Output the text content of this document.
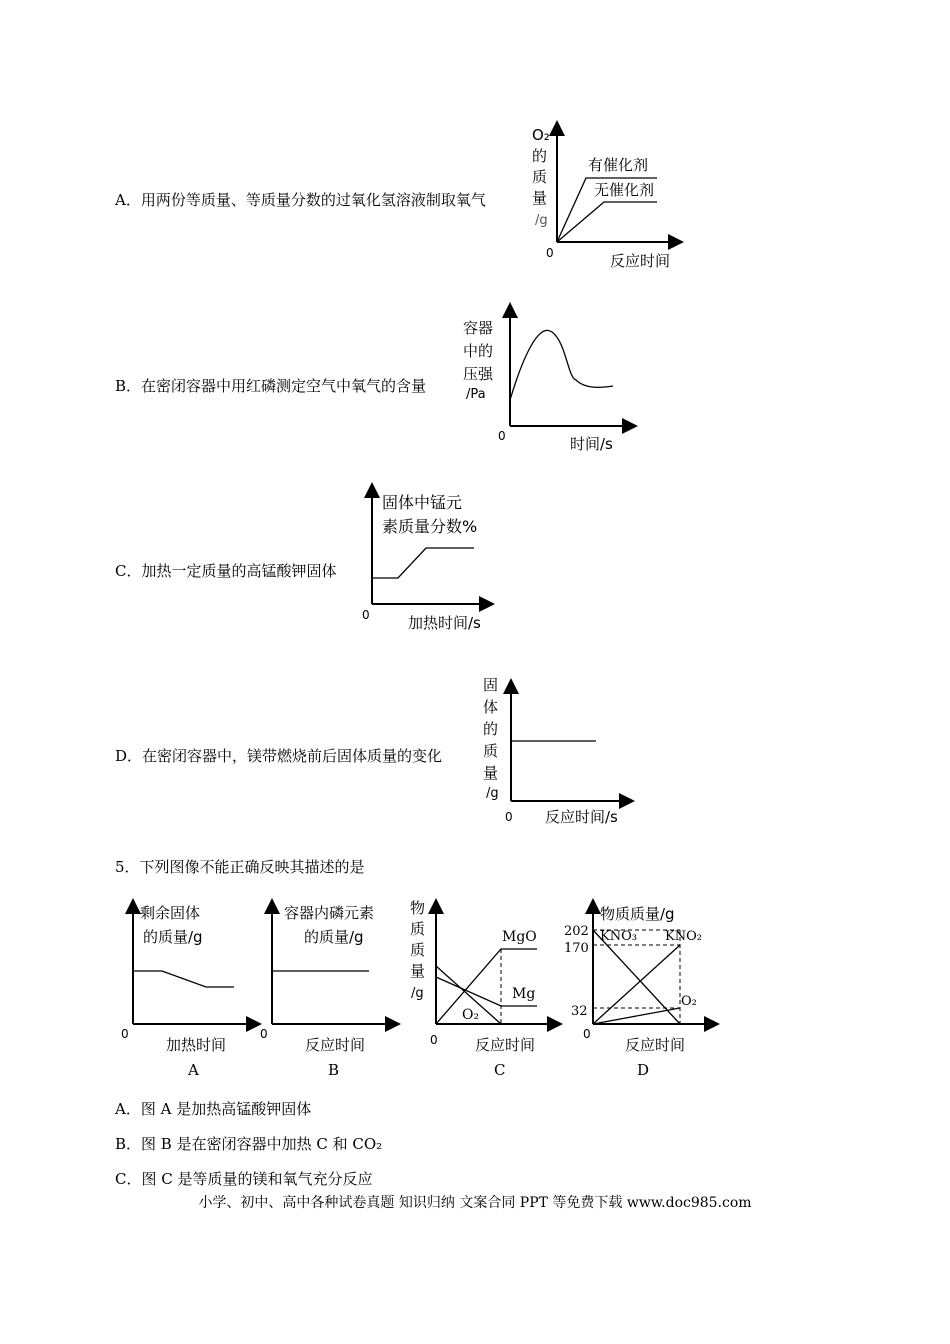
A．用两份等质量、等质量分数的过氧化氢溶液制取氧气
B．在密闭容器中用红磷测定空气中氧气的含量
C．加热一定质量的高锰酸钾固体
D．在密闭容器中，镁带燃烧前后固体质量的变化
O₂
的
质
量
/g
0	反应时间
有催化剂
无催化剂
容器
中的
压强
/Pa
0	时间/s
固体中锰元
素质量分数%
0	加热时间/s
固
体
的
质
量
/g
0 反应时间/s
剩余固体
的质量/g
0
加热时间
A
容器内磷元素
的质量/g
0
反应时间
B
物
质
质
量
/g
0 反应时间
C
MgO
Mg
O₂
物质质量/g
202
170
32
0
反应时间
D
KNO₃ KNO₂
O₂
5．下列图像不能正确反映其描述的是
A．图 A 是加热高锰酸钾固体
B．图 B 是在密闭容器中加热 C 和 CO₂
C．图 C 是等质量的镁和氧气充分反应
小学、初中、高中各种试卷真题 知识归纳 文案合同 PPT 等免费下载 www.doc985.com
